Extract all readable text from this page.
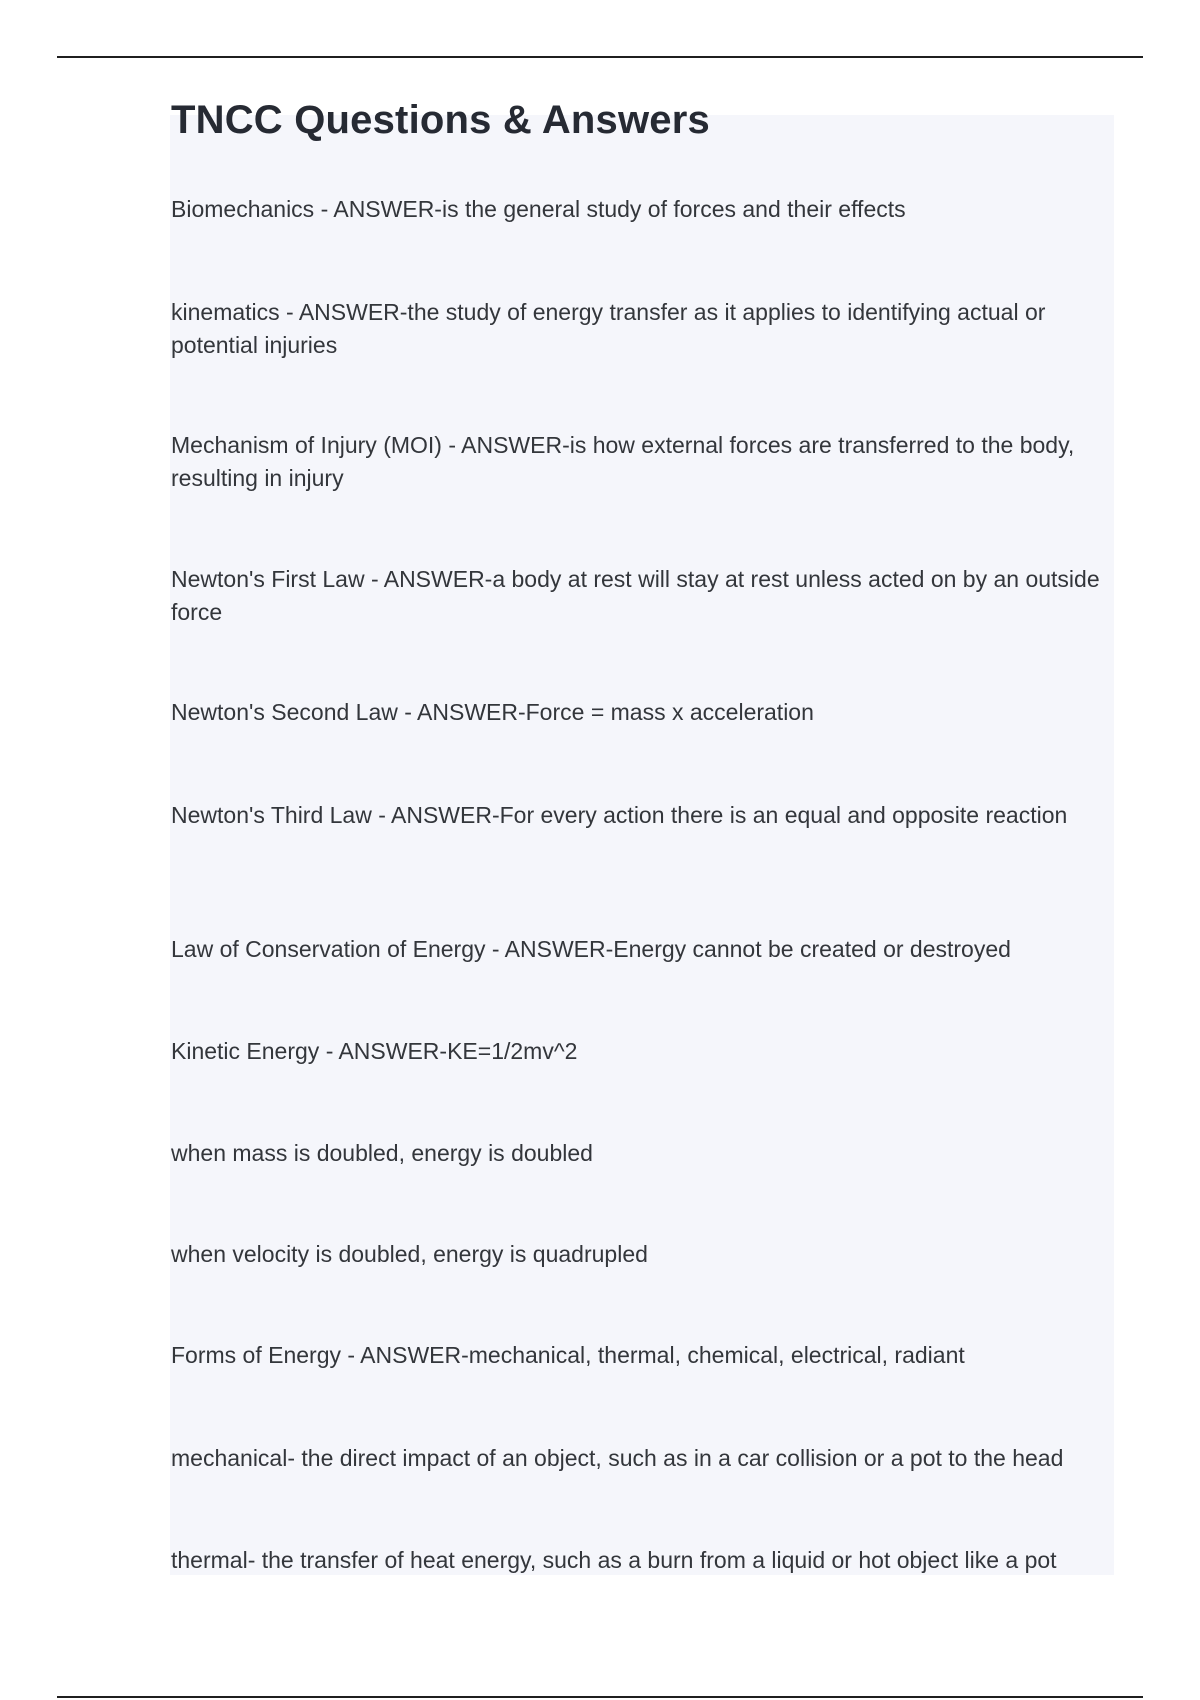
TNCC Questions & Answers

Biomechanics - ANSWER-is the general study of forces and their effects

kinematics - ANSWER-the study of energy transfer as it applies to identifying actual or potential injuries

Mechanism of Injury (MOI) - ANSWER-is how external forces are transferred to the body, resulting in injury

Newton's First Law - ANSWER-a body at rest will stay at rest unless acted on by an outside force

Newton's Second Law - ANSWER-Force = mass x acceleration

Newton's Third Law - ANSWER-For every action there is an equal and opposite reaction

Law of Conservation of Energy - ANSWER-Energy cannot be created or destroyed

Kinetic Energy - ANSWER-KE=1/2mv^2

when mass is doubled, energy is doubled

when velocity is doubled, energy is quadrupled

Forms of Energy - ANSWER-mechanical, thermal, chemical, electrical, radiant

mechanical- the direct impact of an object, such as in a car collision or a pot to the head

thermal- the transfer of heat energy, such as a burn from a liquid or hot object like a pot
